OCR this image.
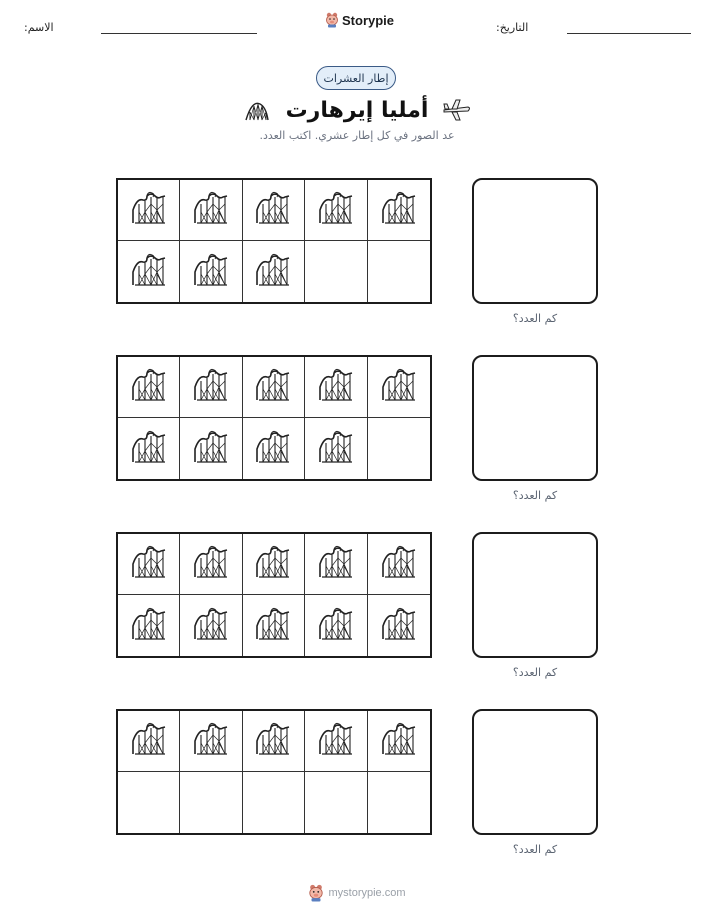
التاريخ:
Storypie
الاسم:
إطار العشرات
أمليا إيرهارت
عد الصور في كل إطار عشري. اكتب العدد.
كم العدد؟
كم العدد؟
كم العدد؟
كم العدد؟
mystorypie.com
